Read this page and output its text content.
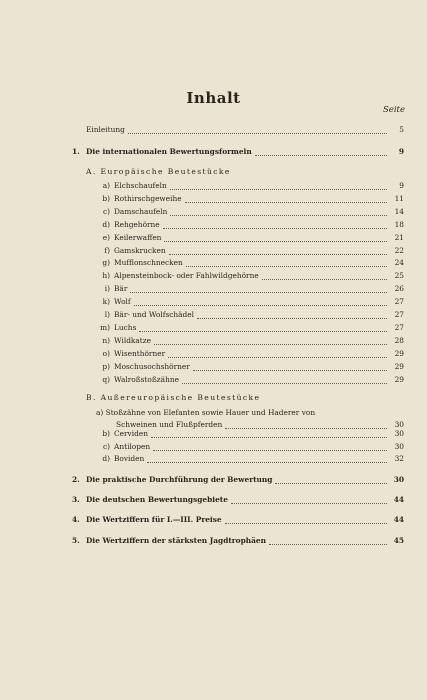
Inhalt
Seite
Einleitung	5
1. Die internationalen Bewertungsformeln	9
A. Europäische Beutestücke
a) Elchschaufeln	9
b) Rothirschgeweihe	11
c) Damschaufeln	14
d) Rehgehörne	18
e) Keilerwaffen	21
f) Gamskrucken	22
g) Mufflonschnecken	24
h) Alpensteinbock- oder Fahlwildgehörne	25
i) Bär	26
k) Wolf	27
l) Bär- und Wolfschädel	27
m) Luchs	27
n) Wildkatze	28
o) Wisenthörner	29
p) Moschusochshörner	29
q) Walroßstoßzähne	29
B. Außereuropäische Beutestücke
a) Stoßzähne von Elefanten sowie Hauer und Haderer von
Schweinen und Flußpferden	30
b) Cerviden	30
c) Antilopen	30
d) Boviden	32
2. Die praktische Durchführung der Bewertung	30
3. Die deutschen Bewertungsgebiete	44
4. Die Wertziffern für I.—III. Preise	44
5. Die Wertziffern der stärksten Jagdtrophäen	45
